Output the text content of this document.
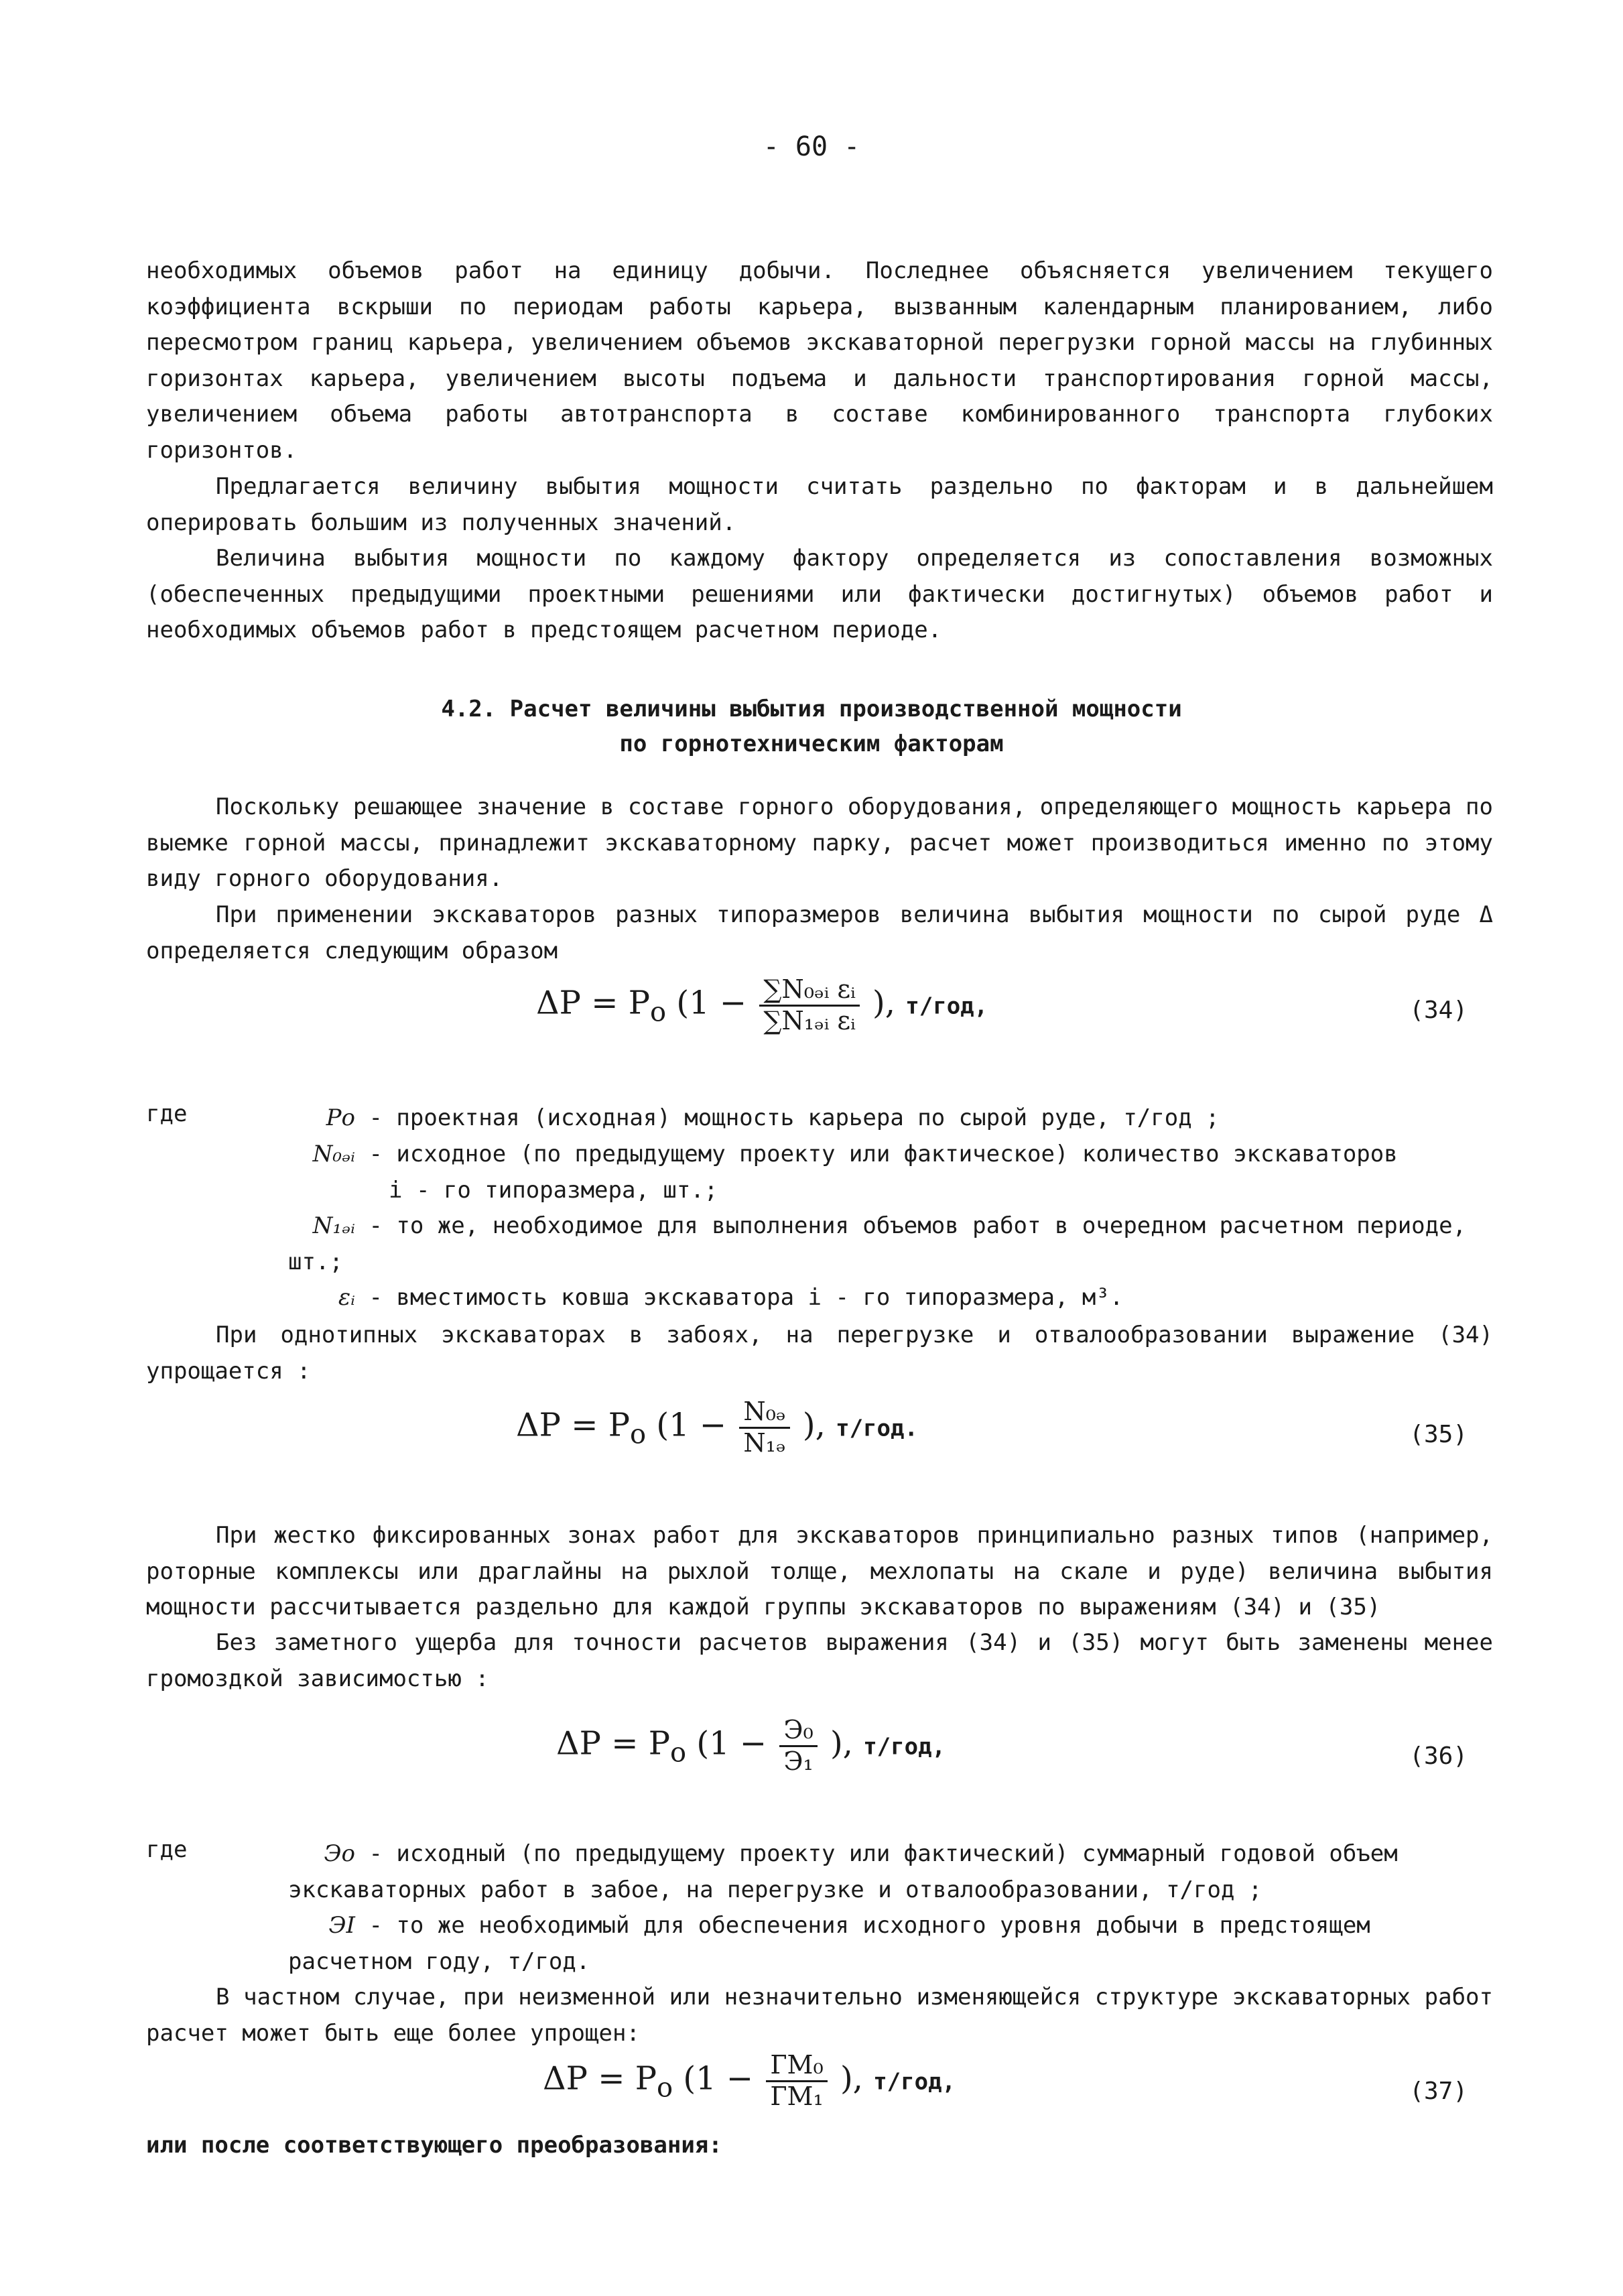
- 60 -
необходимых объемов работ на единицу добычи. Последнее объясняется увеличением текущего коэффициента вскрыши по периодам работы карьера, вызванным календарным планированием, либо пересмотром границ карьера, увеличением объемов экскаваторной перегрузки горной массы на глубинных горизонтах карьера, увеличением высоты подъема и дальности транспортирования горной массы, увеличением объема работы автотранспорта в составе комбинированного транспорта глубоких горизонтов.
Предлагается величину выбытия мощности считать раздельно по факторам и в дальнейшем оперировать большим из полученных значений.
Величина выбытия мощности по каждому фактору определяется из сопоставления возможных (обеспеченных предыдущими проектными решениями или фактически достигнутых) объемов работ и необходимых объемов работ в предстоящем расчетном периоде.
4.2. Расчет величины выбытия производственной мощности
по горнотехническим факторам
Поскольку решающее значение в составе горного оборудования, определяющего мощность карьера по выемке горной массы, принадлежит экскаваторному парку, расчет может производиться именно по этому виду горного оборудования.
При применении экскаваторов разных типоразмеров величина выбытия мощности по сырой руде Δ определяется следующим образом
$\Delta P = P_o$ ($1 - \frac{\text{∑N₀ₔᵢ εᵢ}}{\text{∑N₁ₔᵢ εᵢ}}$ ), т/год,	(34)
где	Pо - проектная (исходная) мощность карьера по сырой руде, т/год ;
N₀ₔᵢ - исходное (по предыдущему проекту или фактическое) количество экскаваторов
i - го типоразмера, шт.;
N₁ₔᵢ - то же, необходимое для выполнения объемов работ в очередном расчетном периоде, шт.;
εᵢ - вместимость ковша экскаватора i - го типоразмера, м³.
При однотипных экскаваторах в забоях, на перегрузке и отвалообразовании выражение (34) упрощается :
$\Delta P = P_o$ ($1 - \frac{\text{N₀ₔ}}{\text{N₁ₔ}}$ ), т/год.	(35)
При жестко фиксированных зонах работ для экскаваторов принципиально разных типов (например, роторные комплексы или драглайны на рыхлой толще, мехлопаты на скале и руде) величина выбытия мощности рассчитывается раздельно для каждой группы экскаваторов по выражениям (34) и (35)
Без заметного ущерба для точности расчетов выражения (34) и (35) могут быть заменены менее громоздкой зависимостью :
$\Delta P = P_o$ ($1 - \frac{\text{Э₀}}{\text{Э₁}}$ ), т/год,	(36)
где	Эо - исходный (по предыдущему проекту или фактический) суммарный годовой объем экскаваторных работ в забое, на перегрузке и отвалообразовании, т/год ;
ЭI - то же необходимый для обеспечения исходного уровня добычи в предстоящем расчетном году, т/год.
В частном случае, при неизменной или незначительно изменяющейся структуре экскаваторных работ расчет может быть еще более упрощен:
$\Delta P = P_o$ ($1 - \frac{\text{ГМ₀}}{\text{ГМ₁}}$ ), т/год,	(37)
или после соответствующего преобразования:
